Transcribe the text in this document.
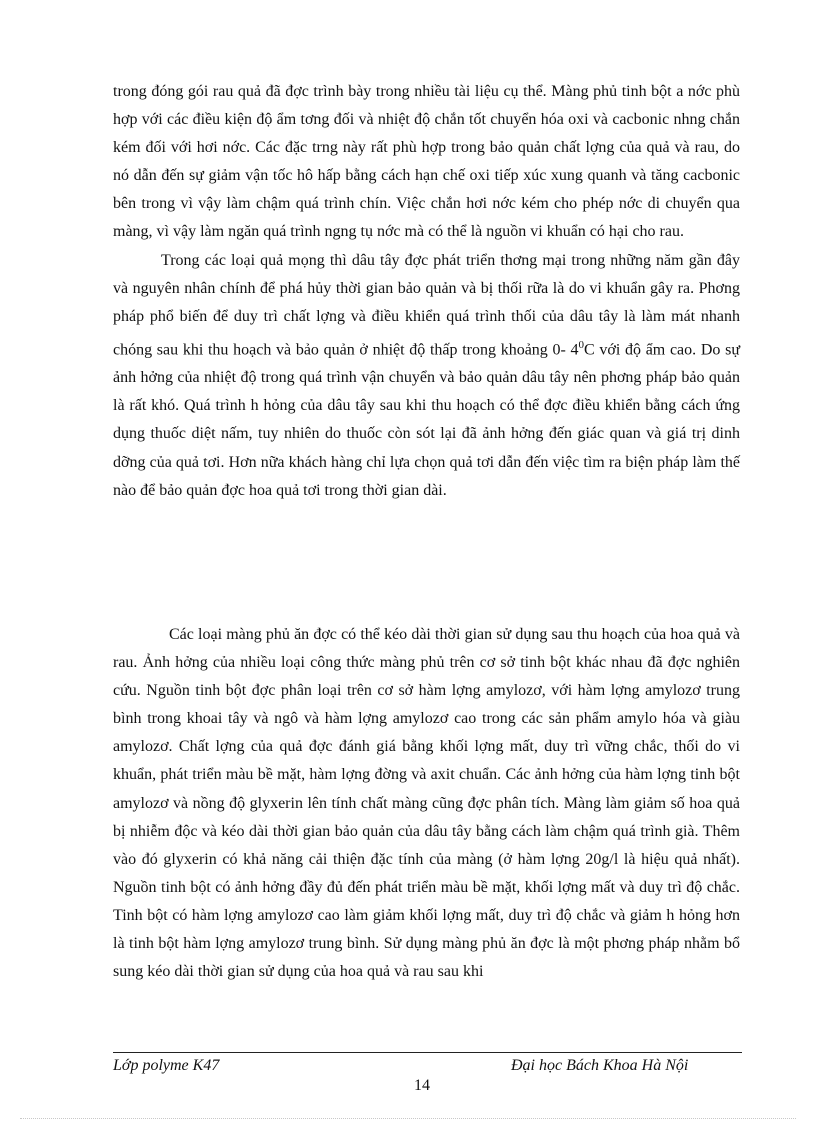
trong đóng gói rau quả đã đợc trình bày trong nhiều tài liệu cụ thể. Màng phủ tinh bột a nớc phù hợp với các điều kiện độ ẩm tơng đối và nhiệt độ chắn tốt chuyển hóa oxi và cacbonic nhng chắn kém đối với hơi nớc. Các đặc trng này rất phù hợp trong bảo quản chất lợng của quả và rau, do nó dẫn đến sự giảm vận tốc hô hấp bằng cách hạn chế oxi tiếp xúc xung quanh và tăng cacbonic bên trong vì vậy làm chậm quá trình chín. Việc chắn hơi nớc kém cho phép nớc di chuyển qua màng, vì vậy làm ngăn quá trình ngng tụ nớc mà có thể là nguồn vi khuẩn có hại cho rau.

Trong các loại quả mọng thì dâu tây đợc phát triển thơng mại trong những năm gần đây và nguyên nhân chính để phá hủy thời gian bảo quản và bị thối rữa là do vi khuẩn gây ra. Phơng pháp phổ biến để duy trì chất lợng và điều khiển quá trình thối của dâu tây là làm mát nhanh chóng sau khi thu hoạch và bảo quản ở nhiệt độ thấp trong khoảng 0- $4^0C$ với độ ẩm cao. Do sự ảnh hởng của nhiệt độ trong quá trình vận chuyển và bảo quản dâu tây nên phơng pháp bảo quản là rất khó. Quá trình h hỏng của dâu tây sau khi thu hoạch có thể đợc điều khiển bằng cách ứng dụng thuốc diệt nấm, tuy nhiên do thuốc còn sót lại đã ảnh hởng đến giác quan và giá trị dinh dỡng của quả tơi. Hơn nữa khách hàng chỉ lựa chọn quả tơi dẫn đến việc tìm ra biện pháp làm thế nào để bảo quản đợc hoa quả tơi trong thời gian dài.

Các loại màng phủ ăn đợc có thể kéo dài thời gian sử dụng sau thu hoạch của hoa quả và rau. Ảnh hởng của nhiều loại công thức màng phủ trên cơ sở tinh bột khác nhau đã đợc nghiên cứu. Nguồn tinh bột đợc phân loại trên cơ sở hàm lợng amylozơ, với hàm lợng amylozơ trung bình trong khoai tây và ngô và hàm lợng amylozơ cao trong các sản phẩm amylo hóa và giàu amylozơ. Chất lợng của quả đợc đánh giá bằng khối lợng mất, duy trì vững chắc, thối do vi khuẩn, phát triển màu bề mặt, hàm lợng đờng và axit chuẩn. Các ảnh hởng của hàm lợng tinh bột amylozơ và nồng độ glyxerin lên tính chất màng cũng đợc phân tích. Màng làm giảm số hoa quả bị nhiễm độc và kéo dài thời gian bảo quản của dâu tây bằng cách làm chậm quá trình già. Thêm vào đó glyxerin có khả năng cải thiện đặc tính của màng (ở hàm lợng 20g/l là hiệu quả nhất). Nguồn tinh bột có ảnh hởng đầy đủ đến phát triển màu bề mặt, khối lợng mất và duy trì độ chắc. Tinh bột có hàm lợng amylozơ cao làm giảm khối lợng mất, duy trì độ chắc và giảm h hỏng hơn là tinh bột hàm lợng amylozơ trung bình. Sử dụng màng phủ ăn đợc là một phơng pháp nhằm bổ sung kéo dài thời gian sử dụng của hoa quả và rau sau khi

Lớp polyme K47	Đại học Bách Khoa Hà Nội
14
